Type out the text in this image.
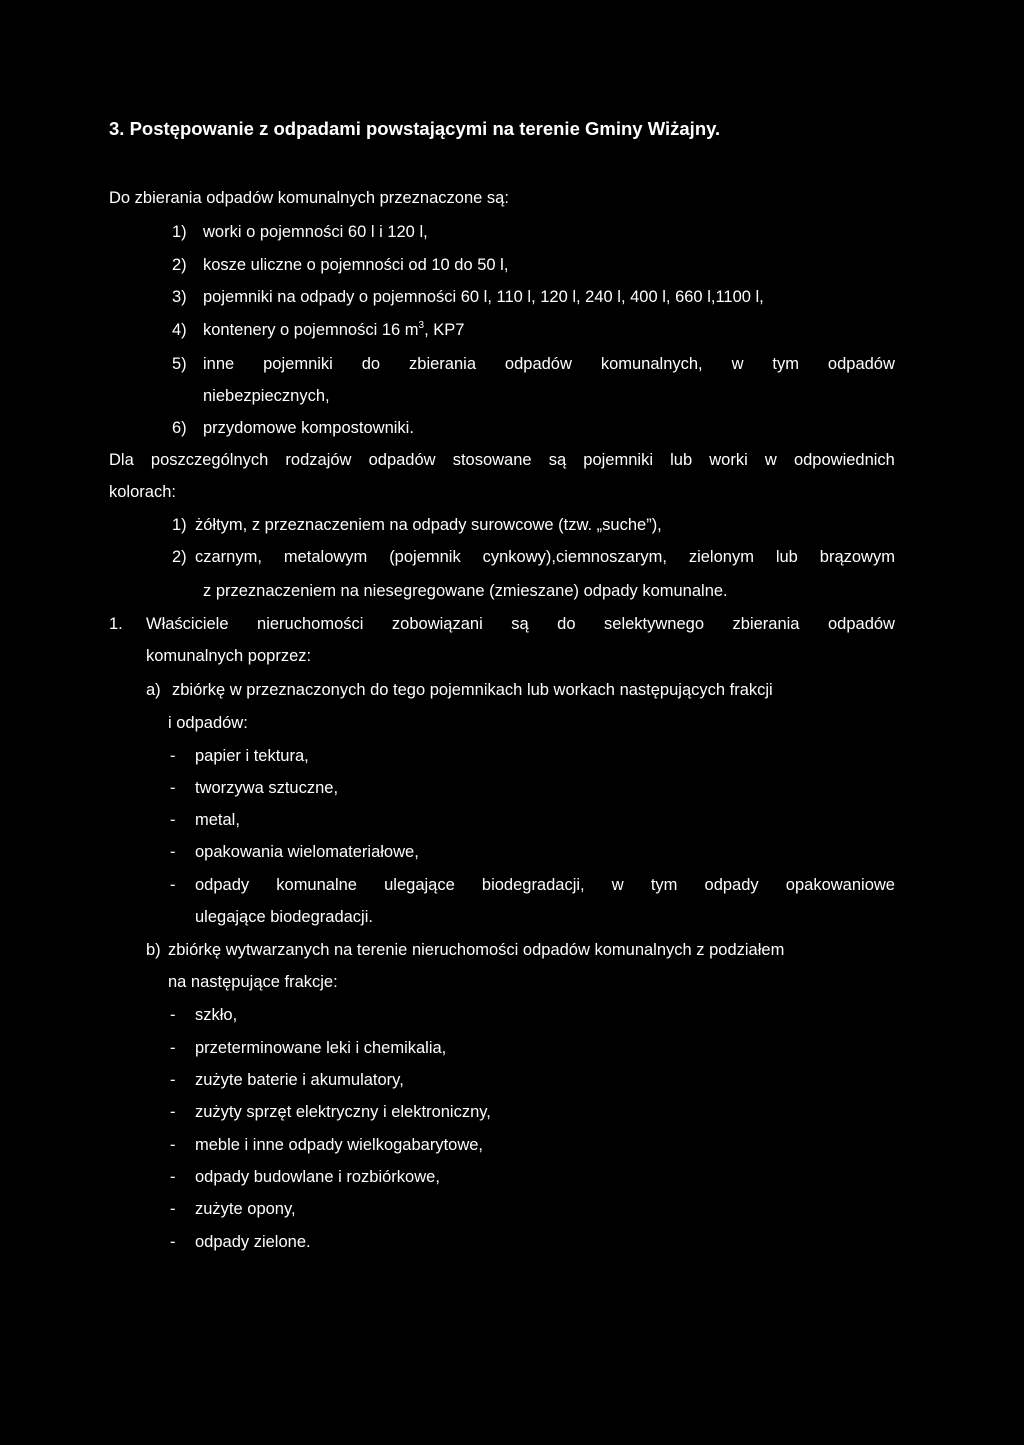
3. Postępowanie z odpadami powstającymi na terenie Gminy Wiżajny.
Do zbierania odpadów komunalnych przeznaczone są:
1) worki o pojemności 60 l i 120 l,
2) kosze uliczne o pojemności od 10 do 50 l,
3) pojemniki na odpady o pojemności 60 l, 110 l, 120 l, 240 l, 400 l, 660 l,1100 l,
4) kontenery o pojemności 16 $m^3$, KP7
5) inne pojemniki do zbierania odpadów komunalnych, w tym odpadów
niebezpiecznych,
6) przydomowe kompostowniki.
Dla poszczególnych rodzajów odpadów stosowane są pojemniki lub worki w odpowiednich
kolorach:
1) żółtym, z przeznaczeniem na odpady surowcowe (tzw. „suche”),
2) czarnym, metalowym (pojemnik cynkowy),ciemnoszarym, zielonym lub brązowym
z przeznaczeniem na niesegregowane (zmieszane) odpady komunalne.
1. Właściciele nieruchomości zobowiązani są do selektywnego zbierania odpadów
komunalnych poprzez:
a) zbiórkę w przeznaczonych do tego pojemnikach lub workach następujących frakcji
i odpadów:
- papier i tektura,
- tworzywa sztuczne,
- metal,
- opakowania wielomateriałowe,
- odpady komunalne ulegające biodegradacji, w tym odpady opakowaniowe
ulegające biodegradacji.
b) zbiórkę wytwarzanych na terenie nieruchomości odpadów komunalnych z podziałem
na następujące frakcje:
- szkło,
- przeterminowane leki i chemikalia,
- zużyte baterie i akumulatory,
- zużyty sprzęt elektryczny i elektroniczny,
- meble i inne odpady wielkogabarytowe,
- odpady budowlane i rozbiórkowe,
- zużyte opony,
- odpady zielone.
